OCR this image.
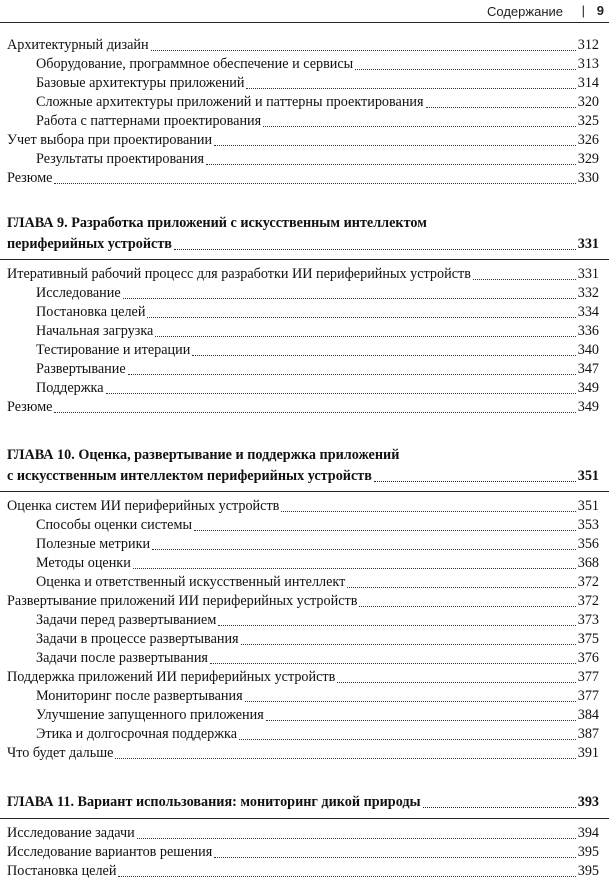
Содержание | 9
Архитектурный дизайн	312
Оборудование, программное обеспечение и сервисы	313
Базовые архитектуры приложений	314
Сложные архитектуры приложений и паттерны проектирования	320
Работа с паттернами проектирования	325
Учет выбора при проектировании	326
Результаты проектирования	329
Резюме	330
ГЛАВА 9. Разработка приложений с искусственным интеллектом
периферийных устройств	331
Итеративный рабочий процесс для разработки ИИ периферийных устройств	331
Исследование	332
Постановка целей	334
Начальная загрузка	336
Тестирование и итерации	340
Развертывание	347
Поддержка	349
Резюме	349
ГЛАВА 10. Оценка, развертывание и поддержка приложений
с искусственным интеллектом периферийных устройств	351
Оценка систем ИИ периферийных устройств	351
Способы оценки системы	353
Полезные метрики	356
Методы оценки	368
Оценка и ответственный искусственный интеллект	372
Развертывание приложений ИИ периферийных устройств	372
Задачи перед развертыванием	373
Задачи в процессе развертывания	375
Задачи после развертывания	376
Поддержка приложений ИИ периферийных устройств	377
Мониторинг после развертывания	377
Улучшение запущенного приложения	384
Этика и долгосрочная поддержка	387
Что будет дальше	391
ГЛАВА 11. Вариант использования: мониторинг дикой природы	393
Исследование задачи	394
Исследование вариантов решения	395
Постановка целей	395
